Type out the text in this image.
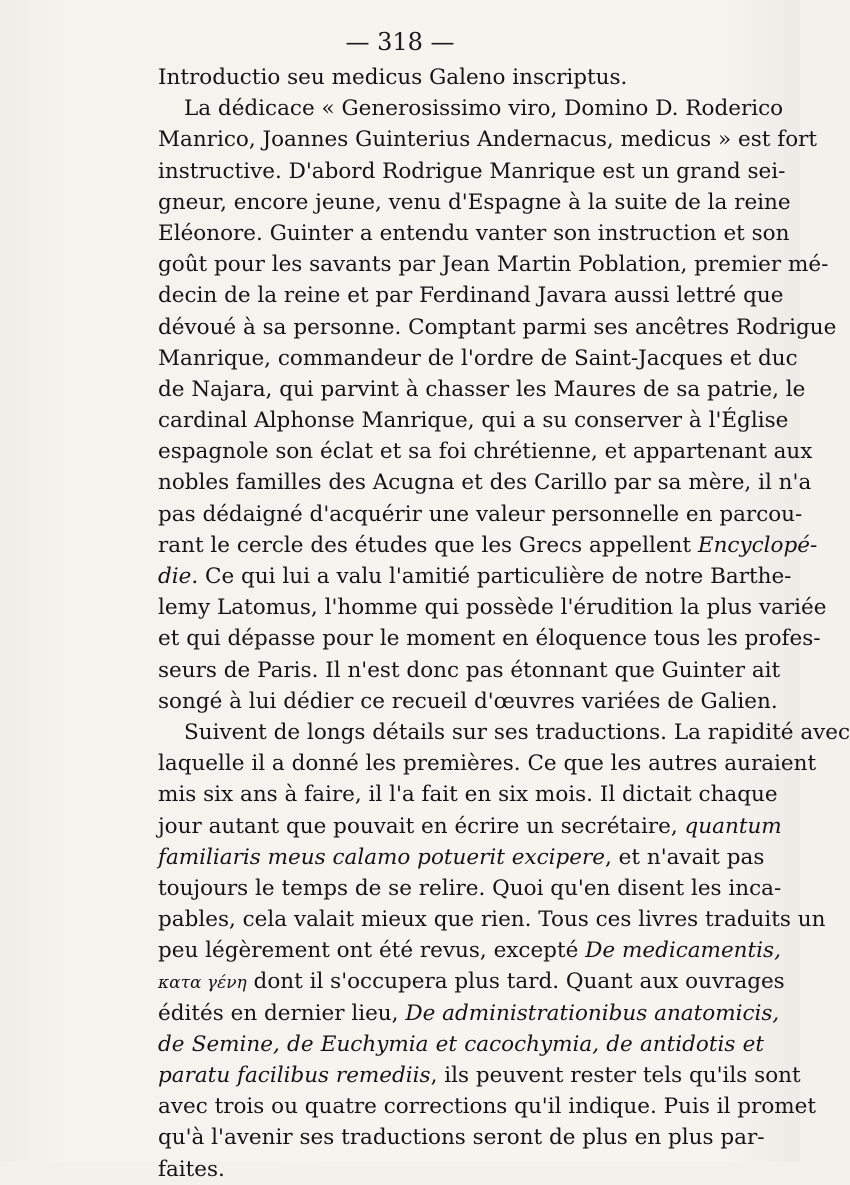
— 318 —
Introductio seu medicus Galeno inscriptus.
La dédicace « Generosissimo viro, Domino D. Roderico
Manrico, Joannes Guinterius Andernacus, medicus » est fort
instructive. D'abord Rodrigue Manrique est un grand sei-
gneur, encore jeune, venu d'Espagne à la suite de la reine
Eléonore. Guinter a entendu vanter son instruction et son
goût pour les savants par Jean Martin Poblation, premier mé-
decin de la reine et par Ferdinand Javara aussi lettré que
dévoué à sa personne. Comptant parmi ses ancêtres Rodrigue
Manrique, commandeur de l'ordre de Saint-Jacques et duc
de Najara, qui parvint à chasser les Maures de sa patrie, le
cardinal Alphonse Manrique, qui a su conserver à l'Église
espagnole son éclat et sa foi chrétienne, et appartenant aux
nobles familles des Acugna et des Carillo par sa mère, il n'a
pas dédaigné d'acquérir une valeur personnelle en parcou-
rant le cercle des études que les Grecs appellent Encyclopé-
die. Ce qui lui a valu l'amitié particulière de notre Barthe-
lemy Latomus, l'homme qui possède l'érudition la plus variée
et qui dépasse pour le moment en éloquence tous les profes-
seurs de Paris. Il n'est donc pas étonnant que Guinter ait
songé à lui dédier ce recueil d'œuvres variées de Galien.
Suivent de longs détails sur ses traductions. La rapidité avec
laquelle il a donné les premières. Ce que les autres auraient
mis six ans à faire, il l'a fait en six mois. Il dictait chaque
jour autant que pouvait en écrire un secrétaire, quantum
familiaris meus calamo potuerit excipere, et n'avait pas
toujours le temps de se relire. Quoi qu'en disent les inca-
pables, cela valait mieux que rien. Tous ces livres traduits un
peu légèrement ont été revus, excepté De medicamentis,
κατα γένη dont il s'occupera plus tard. Quant aux ouvrages
édités en dernier lieu, De administrationibus anatomicis,
de Semine, de Euchymia et cacochymia, de antidotis et
paratu facilibus remediis, ils peuvent rester tels qu'ils sont
avec trois ou quatre corrections qu'il indique. Puis il promet
qu'à l'avenir ses traductions seront de plus en plus par-
faites.
